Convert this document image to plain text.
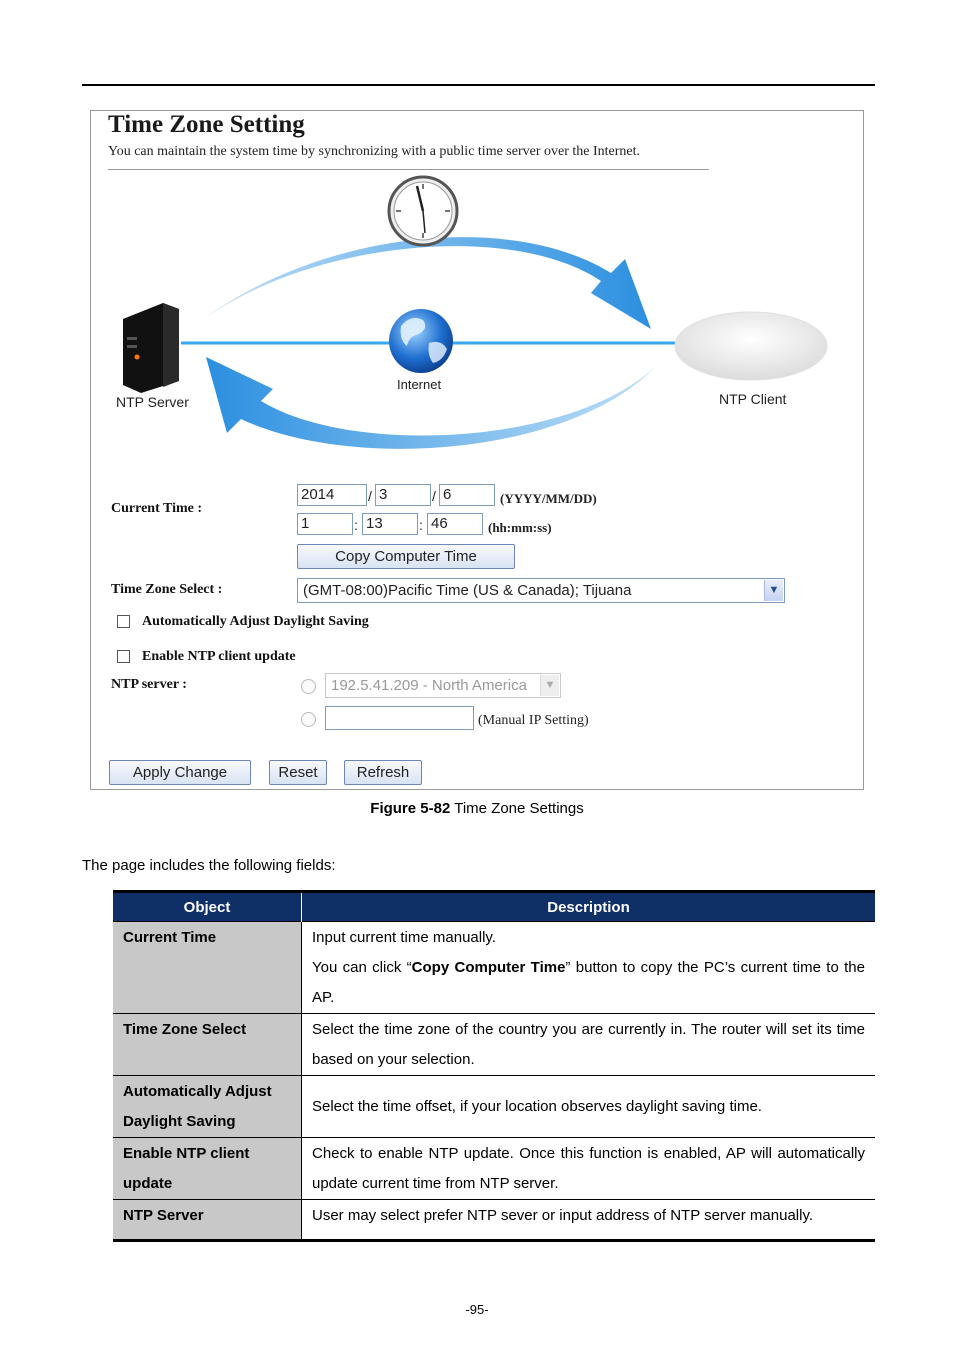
Time Zone Setting
You can maintain the system time by synchronizing with a public time server over the Internet.
NTP Server
Internet
NTP Client
Current Time :
2014	/ 3	/ 6	(YYYY/MM/DD)
1	: 13	: 46	(hh:mm:ss)
Copy Computer Time
Time Zone Select :	(GMT-08:00)Pacific Time (US & Canada); Tijuana	▼
Automatically Adjust Daylight Saving
Enable NTP client update
NTP server :	192.5.41.209 - North America	▼
(Manual IP Setting)
Apply Change	Reset	Refresh
Figure 5-82 Time Zone Settings
The page includes the following fields:
Object	Description
Current Time	Input current time manually.
You can click “Copy Computer Time” button to copy the PC’s current time to the AP.

Time Zone Select	Select the time zone of the country you are currently in. The router will set its time based on your selection.
Automatically Adjust Daylight Saving	Select the time offset, if your location observes daylight saving time.
Enable NTP client update	Check to enable NTP update. Once this function is enabled, AP will automatically update current time from NTP server.
NTP Server	User may select prefer NTP sever or input address of NTP server manually.
-95-
